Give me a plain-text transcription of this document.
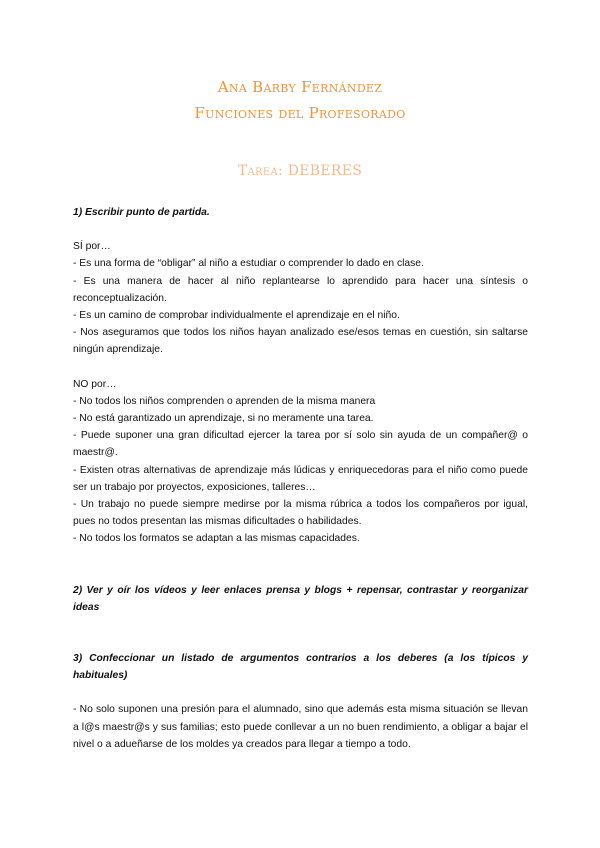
Ana Barby Fernández
Funciones del Profesorado
Tarea: DEBERES

1) Escribir punto de partida.

SÍ por…

- Es una forma de “obligar” al niño a estudiar o comprender lo dado en clase.

- Es una manera de hacer al niño replantearse lo aprendido para hacer una síntesis o reconceptualización.

- Es un camino de comprobar individualmente el aprendizaje en el niño.

- Nos aseguramos que todos los niños hayan analizado ese/esos temas en cuestión, sin saltarse ningún aprendizaje.

NO por…

- No todos los niños comprenden o aprenden de la misma manera

- No está garantizado un aprendizaje, si no meramente una tarea.

- Puede suponer una gran dificultad ejercer la tarea por sí solo sin ayuda de un compañer@ o maestr@.

- Existen otras alternativas de aprendizaje más lúdicas y enriquecedoras para el niño como puede ser un trabajo por proyectos, exposiciones, talleres…

- Un trabajo no puede siempre medirse por la misma rúbrica a todos los compañeros por igual, pues no todos presentan las mismas dificultades o habilidades.

- No todos los formatos se adaptan a las mismas capacidades.

2) Ver y oír los vídeos y leer enlaces prensa y blogs + repensar, contrastar y reorganizar ideas

3) Confeccionar un listado de argumentos contrarios a los deberes (a los típicos y habituales)

- No solo suponen una presión para el alumnado, sino que además esta misma situación se llevan a l@s maestr@s y sus familias; esto puede conllevar a un no buen rendimiento, a obligar a bajar el nivel o a adueñarse de los moldes ya creados para llegar a tiempo a todo.
